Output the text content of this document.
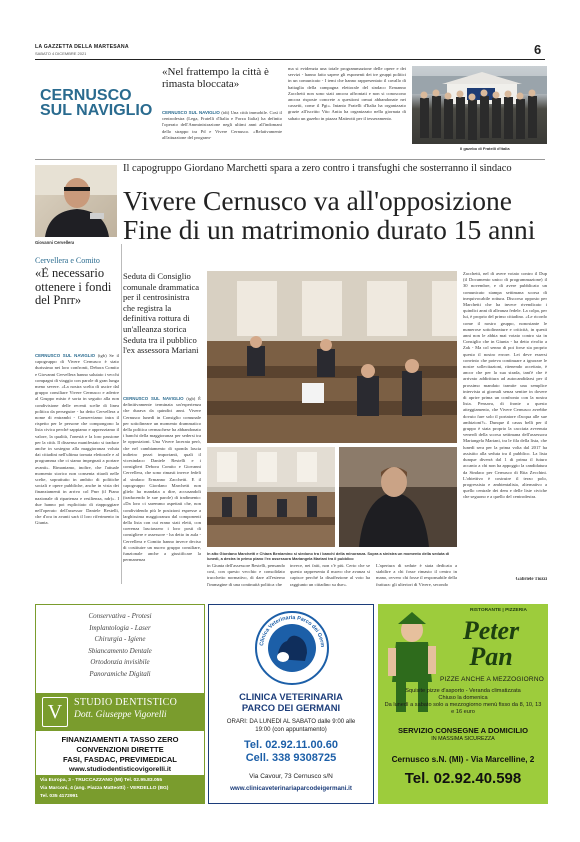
LA GAZZETTA DELLA MARTESANA
SABATO 4 DICEMBRE 2021	6
CERNUSCO
SUL NAVIGLIO
«Nel frattempo la città è rimasta bloccata»
CERNUSCO SUL NAVIGLIO (tdt) Una città immobile. Così il centrodestra (Lega, Fratelli d'Italia e Forza Italia) ha definito l'operato dell'Amministrazione negli ultimi anni all'indomani dello strappo tra Pd e Vivere Cernusco. «Relativamente all'attuazione del program-
ma si evidenzia una totale programmazione delle opere e dei servizi - hanno fatto sapere gli esponenti dei tre gruppi politici in un comunicato - I temi che hanno rappresentato il cavallo di battaglia della campagna elettorale del sindaco Ermanno Zacchetti non sono stati ancora affrontati e non si conoscono ancora risposte concrete a questioni ormai abbandonate nei cassetti, come il Pgt». Intanto Fratelli d'Italia ha organizzato grazie all'iscritto Vito Antia ha organizzato nella giornata di sabato un gazebo in piazza Matteotti per il tesseramento.
Il gazebo di Fratelli d'Italia
Il capogruppo Giordano Marchetti spara a zero contro i transfughi che sosterranno il sindaco
Vivere Cernusco va all'opposizione
Fine di un matrimonio durato 15 anni
Giovanni Cervellera
Cervellera e Comito
«È necessario ottenere i fondi del Pnrr»
CERNUSCO SUL NAVIGLIO (tgb) Se il capogruppo di Vivere Cernusco è stato durissimo nei loro confronti, Debora Comito e Giovanni Cervellera hanno salutato i vecchi compagni di viaggio con parole di gran lunga meno severe. «La nostra scelta di uscire dal gruppo consiliare Vivere Cernusco e aderire al Gruppo misto è sorta in seguito alla non condivisione delle recenti scelte di linea politica da perseguire - ha detto Cervellera a nome di entrambi - Conserviamo intra il rispetto per le persone che compongono la lista civica perché sappiamo e apprezziamo il valore, la qualità, l'onestà e la loro passione per la città. Il dissenso manifestato si traduce anche in sostegno alla maggioranza voluta dai cittadini nell'ultima tornata elettorale e al programma che ci siamo impegnati a portare avanti». Rimaniamo, inoltre, che l'attuale momento storico non consenta ritardi nelle scelte, soprattutto in ambito di politiche sociali e opere pubbliche, anche in vista dei finanziamenti in arrivo col Pnrr (il Piano nazionale di ripartenza e resilienza, ndr)». I due hanno poi esplicitato di riappoggiare nell'operato dell'assessor Daniele Restelli, che d'ora in avanti sarà il loro riferimento in Giunta.
Seduta di Consiglio comunale drammatica per il centrosinistra che registra la definitiva rottura di un'alleanza storica Seduta tra il pubblico l'ex assessora Mariani
CERNUSCO SUL NAVIGLIO (tgb) È definitivamente terminata un'esperienza che durava da quindici anni. Vivere Cernusco lunedì in Consiglio comunale per sottolineare un momento drammatico della politica cernuschese ha abbandonato i banchi della maggioranza per sedersi tra le opposizioni. Una Vivere lacerata però, che nel cambiamento di sponda lascia indietro pezzi importanti, quali il vicesindaco Daniele Restelli e i consiglieri Debora Comito e Giovanni Cervellera, che sono rimasti invece fedeli al sindaco Ermanno Zacchetti. E il capogruppo Giordano Marchetti non glielo ha mandata a dire, accusandoli (traducendo le sue parole) di tradimento: «Da loro ci saremmo aspettati che, non condividendo più le posizioni espresse a larghissima maggioranza dal componenti della lista con cui erano stati eletti, con coerenza lasciassero i loro posti di consigliere e assessore - ha detto in aula - Cervellera e Comito hanno invece deciso di costituire un nuovo gruppo consiliare, funzionale anche a giustificare la permanenza
In alto Giordano Marchetti e Chiara Beniamino si siedono tra i banchi della minoranza. Sopra a sinistra un momento della seduta di lunedì, a destra in primo piano l'ex assessora Mariangela Mariani tra il pubblico
in Giunta dell'assessore Restelli, pensando così, con questo vecchio e consolidato trucchetto normativo, di dare all'esterno l'immagine di una continuità politica che
invece, nei fatti, non c'è più. Certo che se questo rappresenta il nuovo che avanza si capisce perché la disaffezione al voto ha raggiunto un cittadino su due».
L'apertura di sedute è stata dedicata a stabilire a chi fosse rimasto il centro in mano, ovvero chi fosse il responsabile della frattura: gli ulteriori di Vivere, secondo
Zacchetti, nel di avere votato contro il Dup (il Documento unico di programmazione) il 30 novembre, e di avere pubblicato un comunicato stampa settimana scorsa di inequivocabile rottura. Discorso opposto per Marchetti che ha invece rivendicato i quindici anni di alleanza fedele. La colpa, per lui, è proprio del primo cittadino. «Le ricordo come il nostro gruppo, nonostante le numerose sottolineature e criticità, in questi anni non le abbia mai votato contro sia in Consiglio che in Giunta - ha detto rivolto a Zak - Ma col senno di poi forse sia proprio questo il nostro errore. Lei deve essersi convinto che poteva continuare a ignorare le nostre sollecitazioni, ritenendo accettato, è ancor che per la sua strada, tant'è che è arrivato addirittura ad autocandidarsi per il prossimo mandato tramite una semplice intervista ai giornali senza sentire in dovere di aprire prima un confronto con la nostra lista. Pensava, di fronte a questo atteggiamento, che Vivere Cernusco avrebbe dovuto fare solo il portatore d'acqua alle sue ambizioni?». Dunque il casus belli per il gruppo è stata proprio la cacciata avvenuta venerdì della scorsa settimana dell'assessora Mariangela Mariani, tra le fila della lista, che lunedì sera per la prima volta dal 2017 ha assistito alla seduta tra il pubblico. La lista dunque diverrà dal 1 di prima il futuro accanto a chi non ha appoggio la candidatura da Sindaco per Cernusco di Rita Zecchini. L'obiettivo è costruire il terzo polo, progressista e ambientalista, alternativo a quello centrale dei dem e delle liste civiche che seguono e a quello del centrodestra.
Gabriele Tiozzi
Conservativa - Protesi
Implantologia - Laser
Chirurgia - Igiene
Sbiancamento Dentale
Ortodonzia invisibile
Panoramiche Digitali
V	STUDIO DENTISTICO
Dott. Giuseppe Vigorelli
FINANZIAMENTI A TASSO ZERO
CONVENZIONI DIRETTE
FASI, FASDAC, PREVIMEDICAL
www.studiodentisticovigorelli.it
Via Europa, 3 - TRUCCAZZANO (MI) Tel. 02.95.83.055
Via Marconi, 4 (ang. Piazza Matteotti) - VERDELLO (BG)
Tel. 035 4172991
Clinica Veterinaria Parco dei Germ
CLINICA VETERINARIA
PARCO DEI GERMANI
ORARI: DA LUNEDÌ AL SABATO dalle 9:00 alle 19:00 (con appuntamento)
Tel. 02.92.11.00.60
Cell. 338 9308725
Via Cavour, 73 Cernusco s/N
www.clinicaveterinariaparcodeigermani.it
RISTORANTE | PIZZERIA
Peter
Pan
PIZZE ANCHE A MEZZOGIORNO
Squisite pizze d'asporto - Veranda climatizzata
Chiuso la domenica
Da lunedì a sabato solo a mezzogiorno menù fisso da 8, 10, 13 e 16 euro
SERVIZIO CONSEGNE A DOMICILIO
IN MASSIMA SICUREZZA
Cernusco s.N. (MI) - Via Marcelline, 2
Tel. 02.92.40.598
